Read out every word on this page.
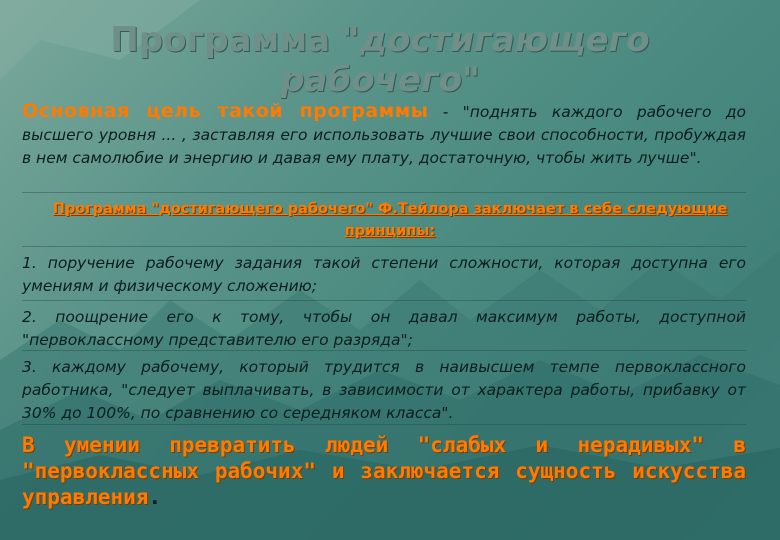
Программа "достигающего
рабочего"

Основная цель такой программы - "поднять каждого рабочего до высшего уровня ... , заставляя его использовать лучшие свои способности, пробуждая в нем самолюбие и энергию и давая ему плату, достаточную, чтобы жить лучше".

Программа "достигающего рабочего" Ф.Тейлора заключает в себе следующие принципы:

1. поручение рабочему задания такой степени сложности, которая доступна его умениям и физическому сложению;

2. поощрение его к тому, чтобы он давал максимум работы, доступной "первоклассному представителю его разряда";

3. каждому рабочему, который трудится в наивысшем темпе первоклассного работника, "следует выплачивать, в зависимости от характера работы, прибавку от 30% до 100%, по сравнению со середняком класса".

В умении превратить людей "слабых и нерадивых" в "первоклассных рабочих" и заключается сущность искусства управления.
